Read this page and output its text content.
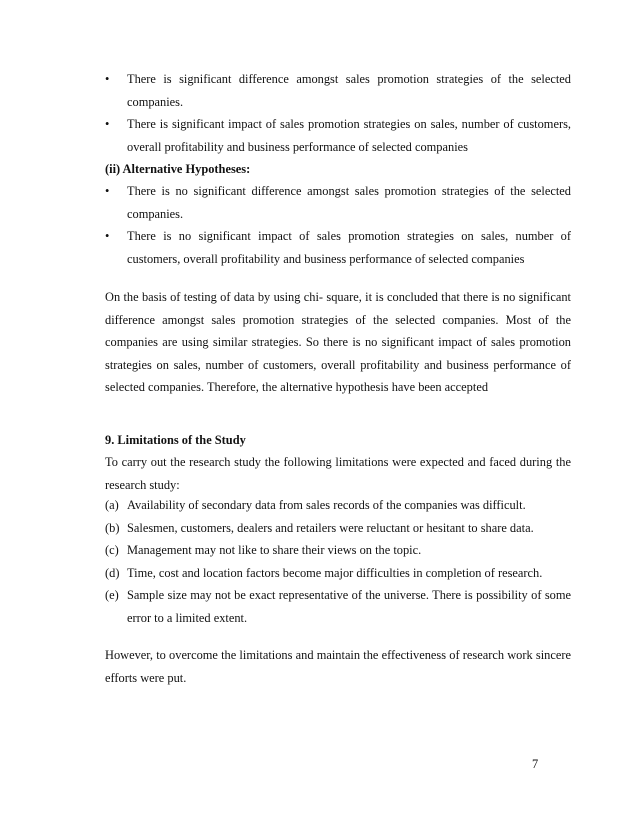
• There is significant difference amongst sales promotion strategies of the selected companies.
• There is significant impact of sales promotion strategies on sales, number of customers, overall profitability and business performance of selected companies
(ii) Alternative Hypotheses:
• There is no significant difference amongst sales promotion strategies of the selected companies.
• There is no significant impact of sales promotion strategies on sales, number of customers, overall profitability and business performance of selected companies
On the basis of testing of data by using chi- square, it is concluded that there is no significant difference amongst sales promotion strategies of the selected companies. Most of the companies are using similar strategies. So there is no significant impact of sales promotion strategies on sales, number of customers, overall profitability and business performance of selected companies. Therefore, the alternative hypothesis have been accepted
9. Limitations of the Study
To carry out the research study the following limitations were expected and faced during the research study:
(a) Availability of secondary data from sales records of the companies was difficult.
(b) Salesmen, customers, dealers and retailers were reluctant or hesitant to share data.
(c) Management may not like to share their views on the topic.
(d) Time, cost and location factors become major difficulties in completion of research.
(e) Sample size may not be exact representative of the universe. There is possibility of some error to a limited extent.
However, to overcome the limitations and maintain the effectiveness of research work sincere efforts were put.
7
